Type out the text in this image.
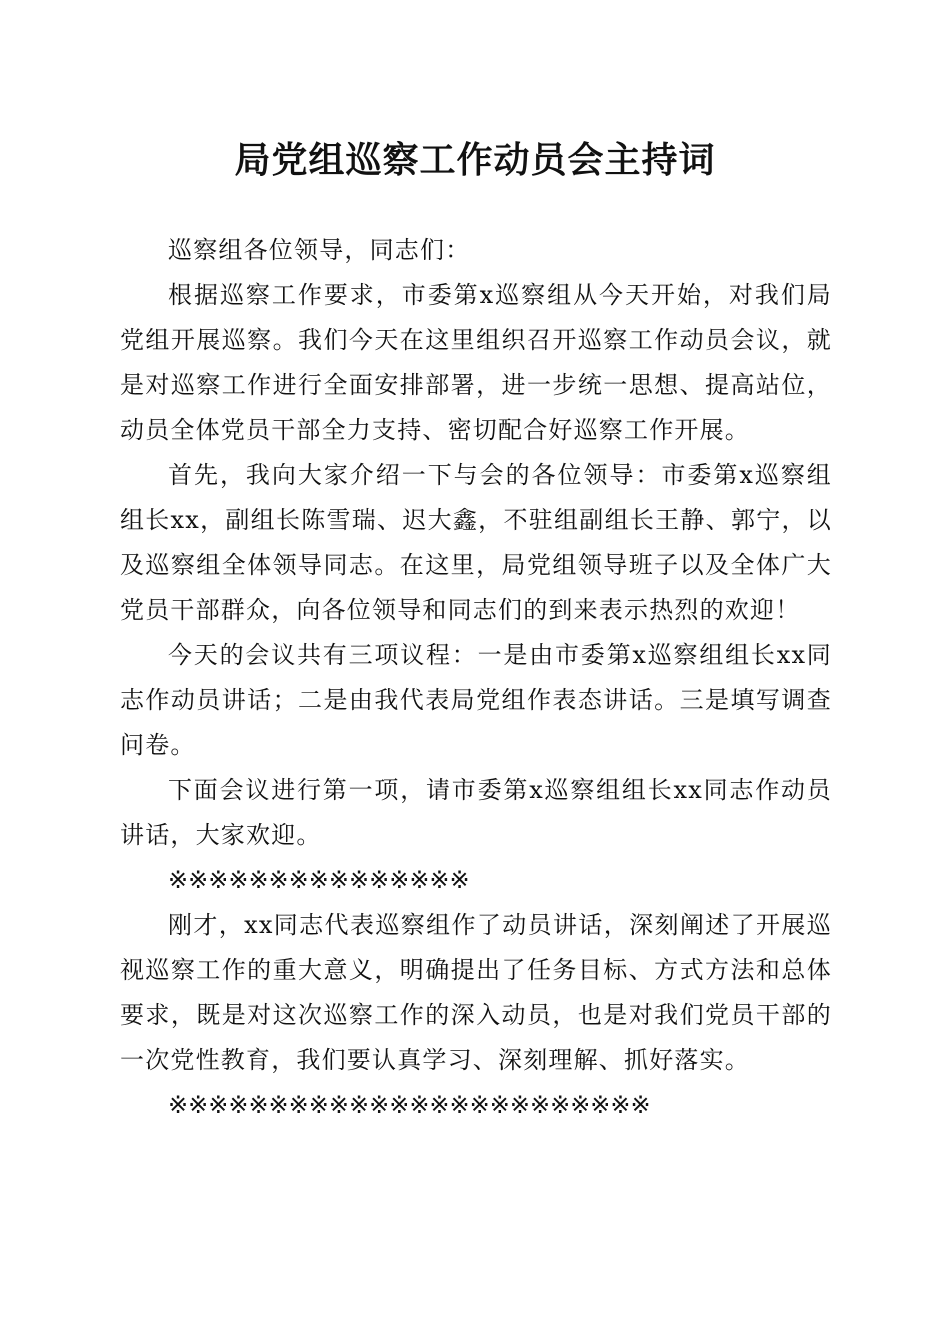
局党组巡察工作动员会主持词

巡察组各位领导，同志们：

根据巡察工作要求，市委第x巡察组从今天开始，对我们局党组开展巡察。我们今天在这里组织召开巡察工作动员会议，就是对巡察工作进行全面安排部署，进一步统一思想、提高站位，动员全体党员干部全力支持、密切配合好巡察工作开展。

首先，我向大家介绍一下与会的各位领导：市委第x巡察组组长xx，副组长陈雪瑞、迟大鑫，不驻组副组长王静、郭宁，以及巡察组全体领导同志。在这里，局党组领导班子以及全体广大党员干部群众，向各位领导和同志们的到来表示热烈的欢迎！

今天的会议共有三项议程：一是由市委第x巡察组组长xx同志作动员讲话；二是由我代表局党组作表态讲话。三是填写调查问卷。

下面会议进行第一项，请市委第x巡察组组长xx同志作动员讲话，大家欢迎。

※※※※※※※※※※※※※※※

刚才，xx同志代表巡察组作了动员讲话，深刻阐述了开展巡视巡察工作的重大意义，明确提出了任务目标、方式方法和总体要求，既是对这次巡察工作的深入动员，也是对我们党员干部的一次党性教育，我们要认真学习、深刻理解、抓好落实。

※※※※※※※※※※※※※※※※※※※※※※※※
